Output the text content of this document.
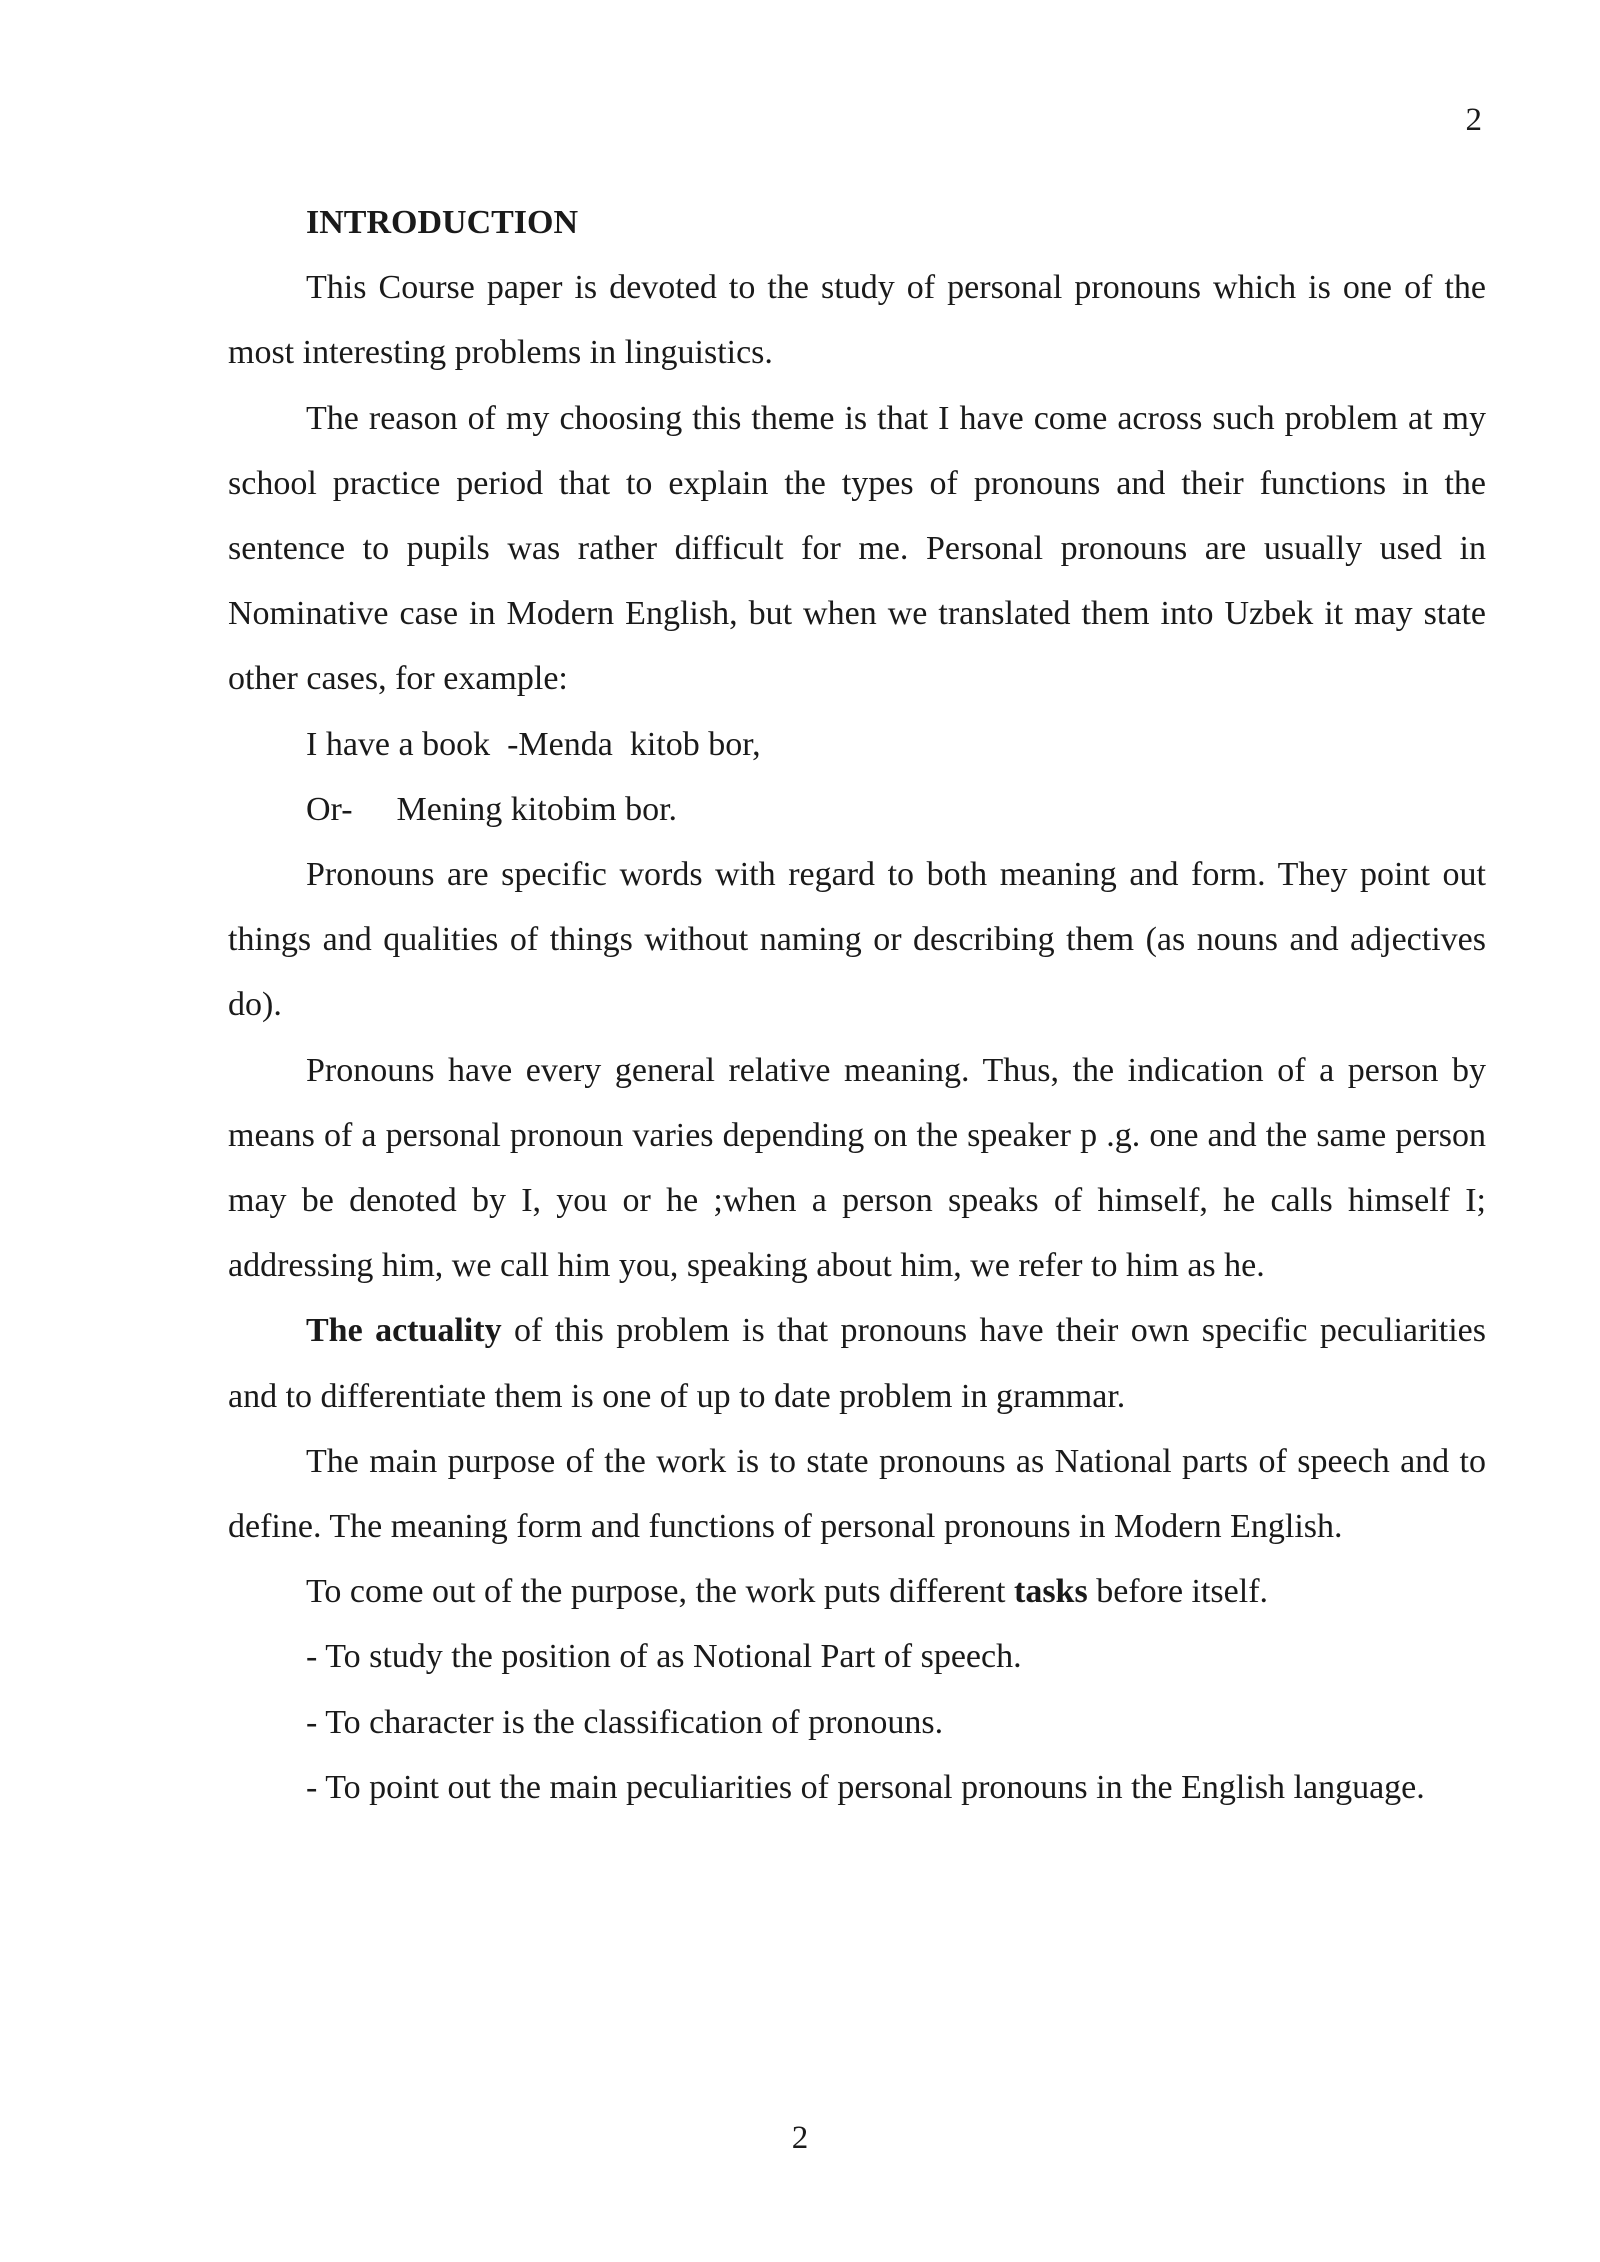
2

INTRODUCTION

This Course paper is devoted to the study of personal pronouns which is one of the most interesting problems in linguistics.

The reason of my choosing this theme is that I have come across such problem at my school practice period that to explain the types of pronouns and their functions in the sentence to pupils was rather difficult for me. Personal pronouns are usually used in Nominative case in Modern English, but when we translated them into Uzbek it may state other cases, for example:

I have a book  -Menda  kitob bor,

Or- Mening kitobim bor.

Pronouns are specific words with regard to both meaning and form. They point out things and qualities of things without naming or describing them (as nouns and adjectives do).

Pronouns have every general relative meaning. Thus, the indication of a person by means of a personal pronoun varies depending on the speaker p .g. one and the same person may be denoted by I, you or he ;when a person speaks of himself, he calls himself I; addressing him, we call him you, speaking about him, we refer to him as he.

The actuality of this problem is that pronouns have their own specific peculiarities and to differentiate them is one of up to date problem in grammar.

The main purpose of the work is to state pronouns as National parts of speech and to define. The meaning form and functions of personal pronouns in Modern English.

To come out of the purpose, the work puts different tasks before itself.

- To study the position of as Notional Part of speech.

- To character is the classification of pronouns.

- To point out the main peculiarities of personal pronouns in the English language.

2
